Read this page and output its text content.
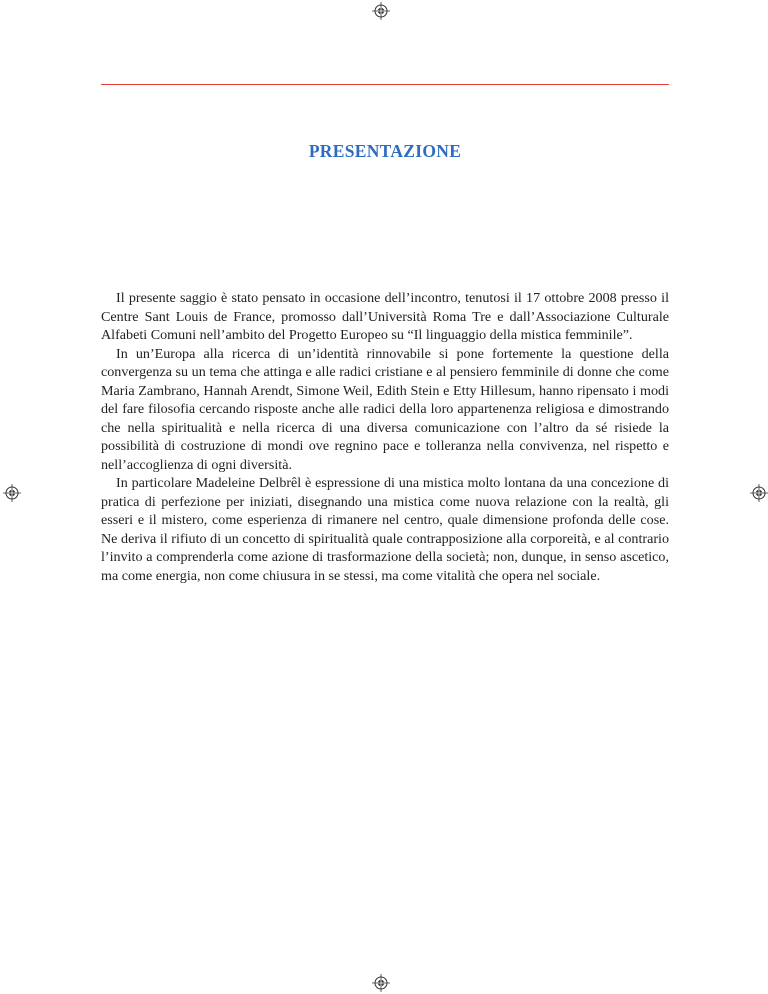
PRESENTAZIONE

Il presente saggio è stato pensato in occasione dell’incontro, tenutosi il 17 ottobre 2008 presso il Centre Sant Louis de France, promosso dall’Università Roma Tre e dall’Associazione Culturale Alfabeti Comuni nell’ambito del Progetto Europeo su “Il linguaggio della mistica femminile”.

In un’Europa alla ricerca di un’identità rinnovabile si pone fortemente la questione della convergenza su un tema che attinga e alle radici cristiane e al pensiero femminile di donne che come Maria Zambrano, Hannah Arendt, Simone Weil, Edith Stein e Etty Hillesum, hanno ripensato i modi del fare filosofia cercando risposte anche alle radici della loro appartenenza religiosa e dimostrando che nella spiritualità e nella ricerca di una diversa comunicazione con l’altro da sé risiede la possibilità di costruzione di mondi ove regnino pace e tolleranza nella convivenza, nel rispetto e nell’accoglienza di ogni diversità.

In particolare Madeleine Delbrêl è espressione di una mistica molto lontana da una concezione di pratica di perfezione per iniziati, disegnando una mistica come nuova relazione con la realtà, gli esseri e il mistero, come esperienza di rimanere nel centro, quale dimensione profonda delle cose. Ne deriva il rifiuto di un concetto di spiritualità quale contrapposizione alla corporeità, e al contrario l’invito a comprenderla come azione di trasformazione della società; non, dunque, in senso ascetico, ma come energia, non come chiusura in se stessi, ma come vitalità che opera nel sociale.
